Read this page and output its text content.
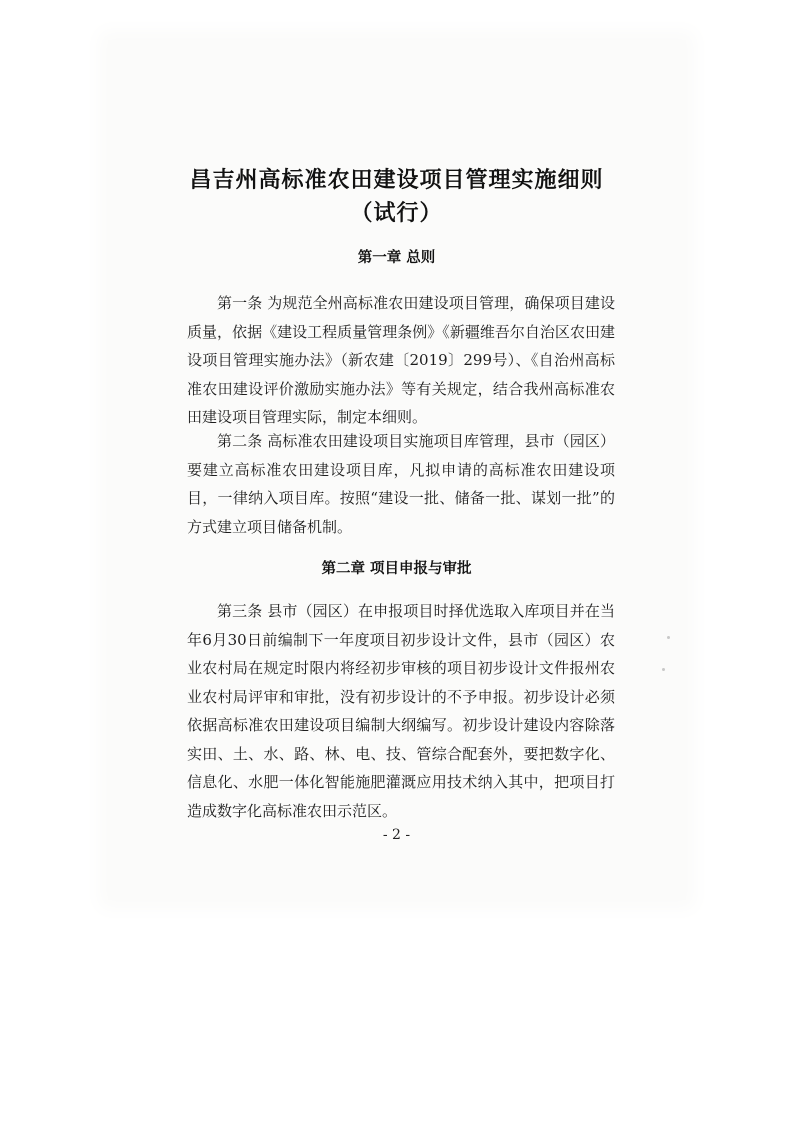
昌吉州高标准农田建设项目管理实施细则
（试行）
第一章 总则

第一条 为规范全州高标准农田建设项目管理，确保项目建设质量，依据《建设工程质量管理条例》《新疆维吾尔自治区农田建设项目管理实施办法》（新农建〔2019〕299号）、《自治州高标准农田建设评价激励实施办法》等有关规定，结合我州高标准农田建设项目管理实际，制定本细则。

第二条 高标准农田建设项目实施项目库管理，县市（园区）要建立高标准农田建设项目库，凡拟申请的高标准农田建设项目，一律纳入项目库。按照“建设一批、储备一批、谋划一批”的方式建立项目储备机制。

第二章 项目申报与审批

第三条 县市（园区）在申报项目时择优选取入库项目并在当年6月30日前编制下一年度项目初步设计文件，县市（园区）农业农村局在规定时限内将经初步审核的项目初步设计文件报州农业农村局评审和审批，没有初步设计的不予申报。初步设计必须依据高标准农田建设项目编制大纲编写。初步设计建设内容除落实田、土、水、路、林、电、技、管综合配套外，要把数字化、信息化、水肥一体化智能施肥灌溉应用技术纳入其中，把项目打造成数字化高标准农田示范区。

- 2 -
